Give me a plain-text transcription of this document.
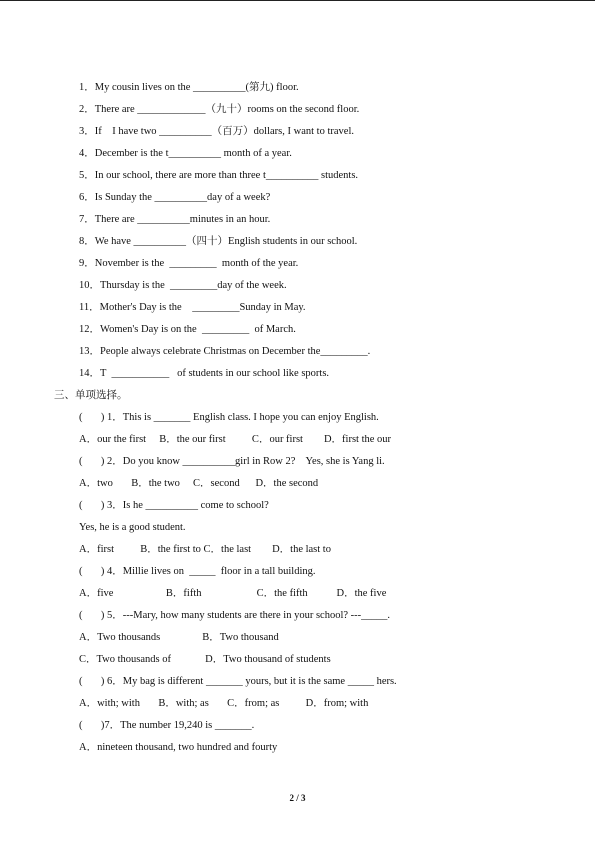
1．My cousin lives on the __________(第九) floor.
2．There are _____________（九十）rooms on the second floor.
3．If    I have two __________（百万）dollars, I want to travel.
4．December is the t__________ month of a year.
5．In our school, there are more than three t__________ students.
6．Is Sunday the __________day of a week?
7．There are __________minutes in an hour.
8．We have __________（四十）English students in our school.
9．November is the  _________  month of the year.
10．Thursday is the  _________day of the week.
11．Mother's Day is the    _________Sunday in May.
12．Women's Day is on the  _________  of March.
13．People always celebrate Christmas on December the_________.
14．T  ___________   of students in our school like sports.
三、单项选择。
(       ) 1．This is _______ English class. I hope you can enjoy English.
A．our the first     B．the our first          C．our first        D．first the our
(       ) 2．Do you know __________girl in Row 2?    Yes, she is Yang li.
A．two       B．the two     C．second      D．the second
(       ) 3．Is he __________ come to school?
Yes, he is a good student.
A．first          B．the first to C．the last        D．the last to
(       ) 4．Millie lives on  _____  floor in a tall building.
A．five                    B．fifth                     C．the fifth           D．the five
(       ) 5．---Mary, how many students are there in your school? ---_____.
A．Two thousands                B．Two thousand
C．Two thousands of             D．Two thousand of students
(       ) 6．My bag is different _______ yours, but it is the same _____ hers.
A．with; with       B．with; as       C．from; as          D．from; with
(       )7．The number 19,240 is _______.
A．nineteen thousand, two hundred and fourty
2 / 3
